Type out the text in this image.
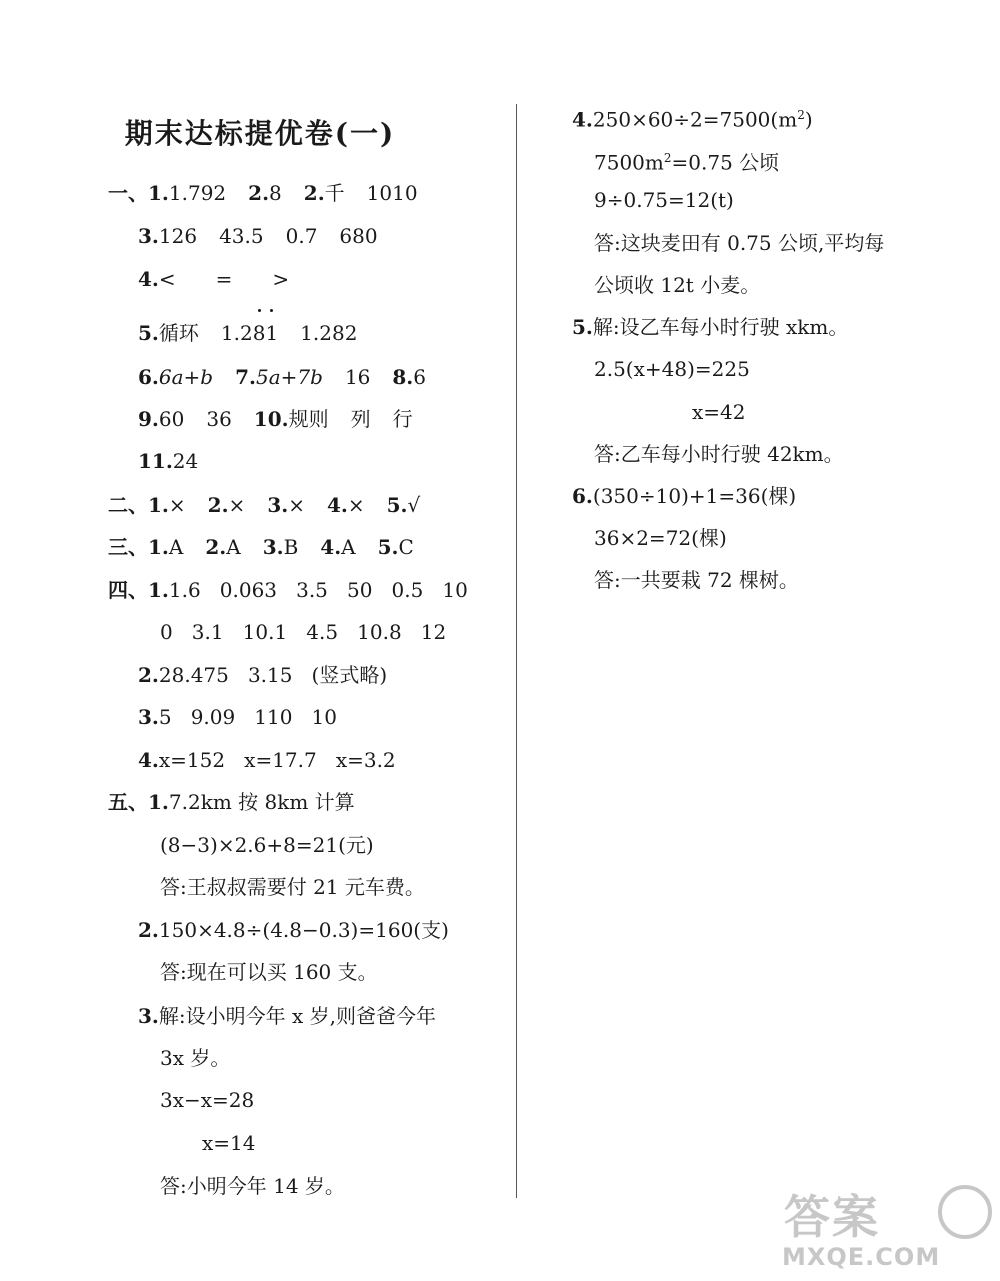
期末达标提优卷(一)
一、1.1.792 2.8 2.千 1010
3.126 43.5 0.7 680
4.< = >
5.循环 1.2
8
1 1.282
6.6a+b 7.5a+7b 16 8.6
9.60 36 10.规则 列 行
11.24
二、1.× 2.× 3.× 4.× 5.√
三、1.A 2.A 3.B 4.A 5.C
四、1.1.6   0.063   3.5   50   0.5   10
0   3.1   10.1   4.5   10.8   12
2.28.475   3.15   (竖式略)
3.5   9.09   110   10
4.x=152   x=17.7   x=3.2
五、1.7.2km 按 8km 计算
(8−3)×2.6+8=21(元)
答:王叔叔需要付 21 元车费。
2.150×4.8÷(4.8−0.3)=160(支)
答:现在可以买 160 支。
3.解:设小明今年 x 岁,则爸爸今年
3x 岁。
3x−x=28
x=14
答:小明今年 14 岁。
$4.250\times 60\div 2=7500(m^2)$
$7500m^2=0.75$ 公顷
9÷0.75=12(t)
答:这块麦田有 0.75 公顷,平均每
公顷收 12t 小麦。
5.解:设乙车每小时行驶 xkm。
2.5(x+48)=225
x=42
答:乙车每小时行驶 42km。
6.(350÷10)+1=36(棵)
36×2=72(棵)
答:一共要栽 72 棵树。
答案
MXQE.COM
